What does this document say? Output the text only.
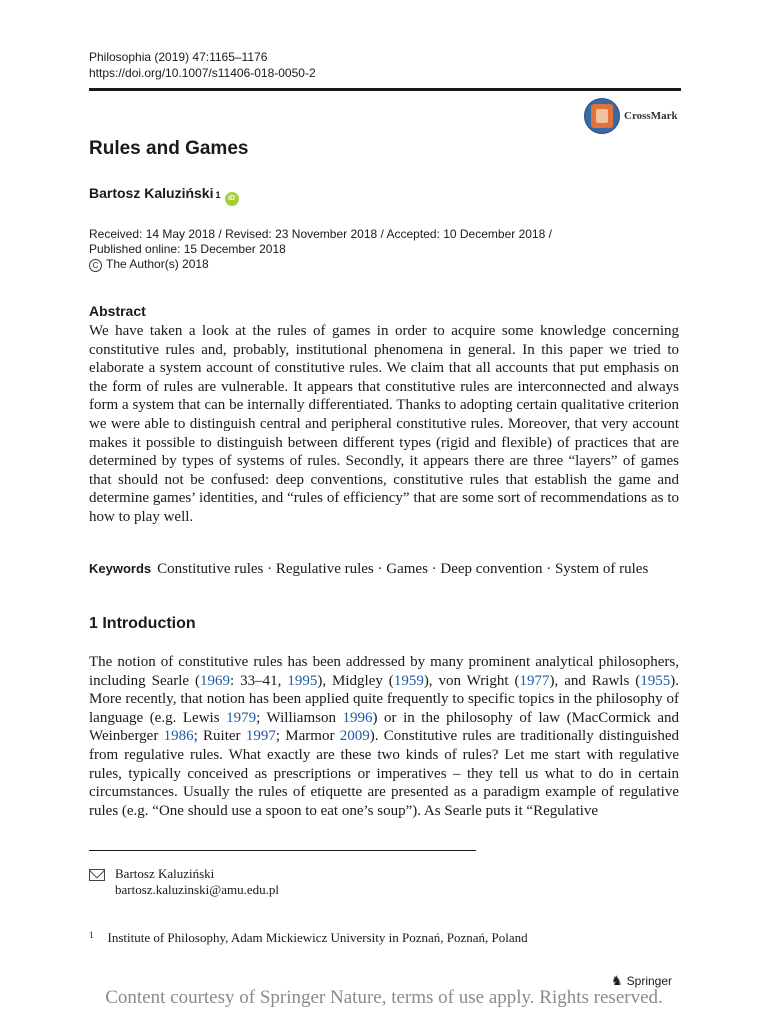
Philosophia (2019) 47:1165–1176
https://doi.org/10.1007/s11406-018-0050-2
CrossMark
Rules and Games
Bartosz Kaluziński 1	iD
Received: 14 May 2018 / Revised: 23 November 2018 / Accepted: 10 December 2018 /
Published online: 15 December 2018
C The Author(s) 2018
Abstract

We have taken a look at the rules of games in order to acquire some knowledge concerning constitutive rules and, probably, institutional phenomena in general. In this paper we tried to elaborate a system account of constitutive rules. We claim that all accounts that put emphasis on the form of rules are vulnerable. It appears that constitutive rules are interconnected and always form a system that can be internally differentiated. Thanks to adopting certain qualitative criterion we were able to distinguish central and peripheral constitutive rules. Moreover, that very account makes it possible to distinguish between different types (rigid and flexible) of practices that are determined by types of systems of rules. Secondly, it appears there are three “layers” of games that should not be confused: deep conventions, constitutive rules that establish the game and determine games’ identities, and “rules of efficiency” that are some sort of recommendations as to how to play well.

Keywords Constitutive rules · Regulative rules · Games · Deep convention · System of rules
1 Introduction

The notion of constitutive rules has been addressed by many prominent analytical philosophers, including Searle (1969: 33–41, 1995), Midgley (1959), von Wright (1977), and Rawls (1955). More recently, that notion has been applied quite frequently to specific topics in the philosophy of language (e.g. Lewis 1979; Williamson 1996) or in the philosophy of law (MacCormick and Weinberger 1986; Ruiter 1997; Marmor 2009). Constitutive rules are traditionally distinguished from regulative rules. What exactly are these two kinds of rules? Let me start with regulative rules, typically conceived as prescriptions or imperatives – they tell us what to do in certain circumstances. Usually the rules of etiquette are presented as a paradigm example of regulative rules (e.g. “One should use a spoon to eat one’s soup”). As Searle puts it “Regulative

Bartosz Kaluziński
bartosz.kaluzinski@amu.edu.pl
1 Institute of Philosophy, Adam Mickiewicz University in Poznań, Poznań, Poland
♞ Springer
Content courtesy of Springer Nature, terms of use apply. Rights reserved.
